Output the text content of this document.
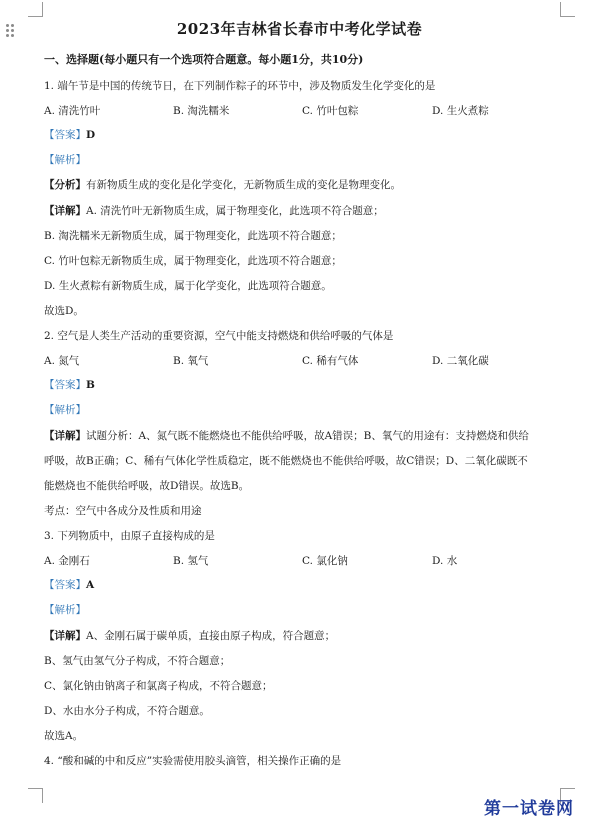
2023年吉林省长春市中考化学试卷
一、选择题(每小题只有一个选项符合题意。每小题1分，共10分)
1. 端午节是中国的传统节日，在下列制作粽子的环节中，涉及物质发生化学变化的是
A. 清洗竹叶	B. 淘洗糯米	C. 竹叶包粽	D. 生火煮粽
【答案】D
【解析】
【分析】有新物质生成的变化是化学变化，无新物质生成的变化是物理变化。
【详解】A. 清洗竹叶无新物质生成，属于物理变化，此选项不符合题意；
B. 淘洗糯米无新物质生成，属于物理变化，此选项不符合题意；
C. 竹叶包粽无新物质生成，属于物理变化，此选项不符合题意；
D. 生火煮粽有新物质生成，属于化学变化，此选项符合题意。
故选D。
2. 空气是人类生产活动的重要资源，空气中能支持燃烧和供给呼吸的气体是
A. 氮气	B. 氧气	C. 稀有气体	D. 二氧化碳
【答案】B
【解析】
【详解】试题分析：A、氮气既不能燃烧也不能供给呼吸，故A错误；B、氧气的用途有：支持燃烧和供给
呼吸，故B正确；C、稀有气体化学性质稳定，既不能燃烧也不能供给呼吸，故C错误；D、二氧化碳既不
能燃烧也不能供给呼吸，故D错误。故选B。
考点：空气中各成分及性质和用途
3. 下列物质中，由原子直接构成的是
A. 金刚石	B. 氢气	C. 氯化钠	D. 水
【答案】A
【解析】
【详解】A、金刚石属于碳单质，直接由原子构成，符合题意；
B、氢气由氢气分子构成，不符合题意；
C、氯化钠由钠离子和氯离子构成，不符合题意；
D、水由水分子构成，不符合题意。
故选A。
4. “酸和碱的中和反应”实验需使用胶头滴管，相关操作正确的是
第一试卷网
